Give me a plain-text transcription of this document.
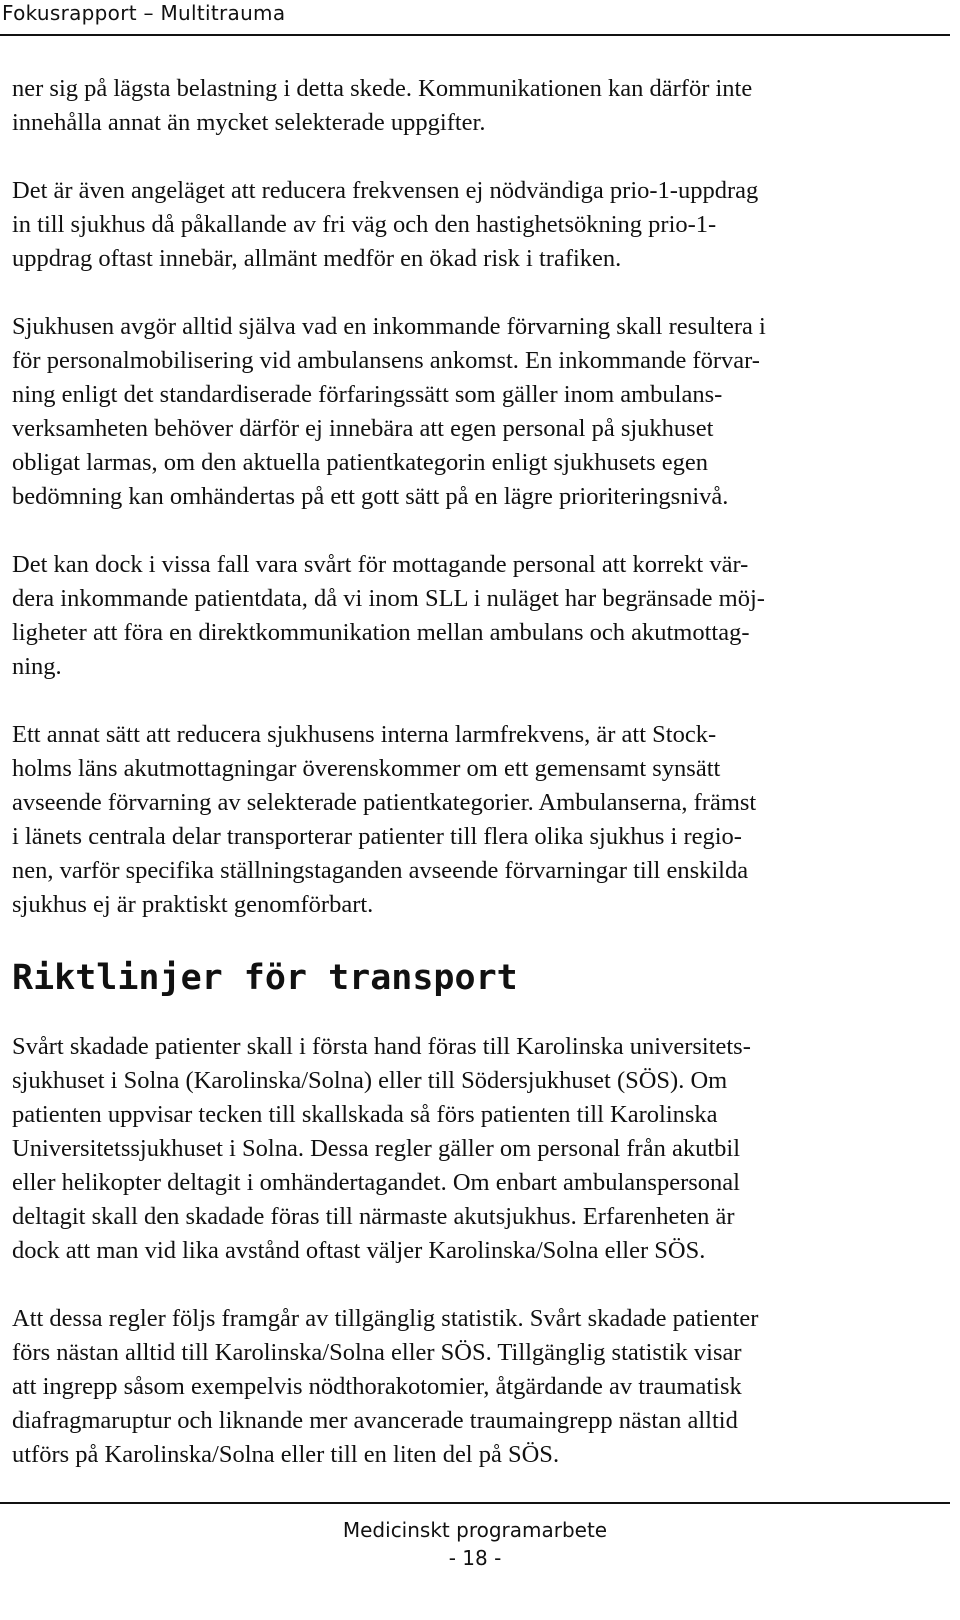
Fokusrapport – Multitrauma

ner sig på lägsta belastning i detta skede. Kommunikationen kan därför inte
innehålla annat än mycket selekterade uppgifter.

Det är även angeläget att reducera frekvensen ej nödvändiga prio-1-uppdrag
in till sjukhus då påkallande av fri väg och den hastighetsökning prio-1-
uppdrag oftast innebär, allmänt medför en ökad risk i trafiken.

Sjukhusen avgör alltid själva vad en inkommande förvarning skall resultera i
för personalmobilisering vid ambulansens ankomst. En inkommande förvar-
ning enligt det standardiserade förfaringssätt som gäller inom ambulans-
verksamheten behöver därför ej innebära att egen personal på sjukhuset
obligat larmas, om den aktuella patientkategorin enligt sjukhusets egen
bedömning kan omhändertas på ett gott sätt på en lägre prioriteringsnivå.

Det kan dock i vissa fall vara svårt för mottagande personal att korrekt vär-
dera inkommande patientdata, då vi inom SLL i nuläget har begränsade möj-
ligheter att föra en direktkommunikation mellan ambulans och akutmottag-
ning.

Ett annat sätt att reducera sjukhusens interna larmfrekvens, är att Stock-
holms läns akutmottagningar överenskommer om ett gemensamt synsätt
avseende förvarning av selekterade patientkategorier. Ambulanserna, främst
i länets centrala delar transporterar patienter till flera olika sjukhus i regio-
nen, varför specifika ställningstaganden avseende förvarningar till enskilda
sjukhus ej är praktiskt genomförbart.

Riktlinjer för transport

Svårt skadade patienter skall i första hand föras till Karolinska universitets-
sjukhuset i Solna (Karolinska/Solna) eller till Södersjukhuset (SÖS). Om
patienten uppvisar tecken till skallskada så förs patienten till Karolinska
Universitetssjukhuset i Solna. Dessa regler gäller om personal från akutbil
eller helikopter deltagit i omhändertagandet. Om enbart ambulanspersonal
deltagit skall den skadade föras till närmaste akutsjukhus. Erfarenheten är
dock att man vid lika avstånd oftast väljer Karolinska/Solna eller SÖS.

Att dessa regler följs framgår av tillgänglig statistik. Svårt skadade patienter
förs nästan alltid till Karolinska/Solna eller SÖS. Tillgänglig statistik visar
att ingrepp såsom exempelvis nödthorakotomier, åtgärdande av traumatisk
diafragmaruptur och liknande mer avancerade traumaingrepp nästan alltid
utförs på Karolinska/Solna eller till en liten del på SÖS.

Medicinskt programarbete
- 18 -
